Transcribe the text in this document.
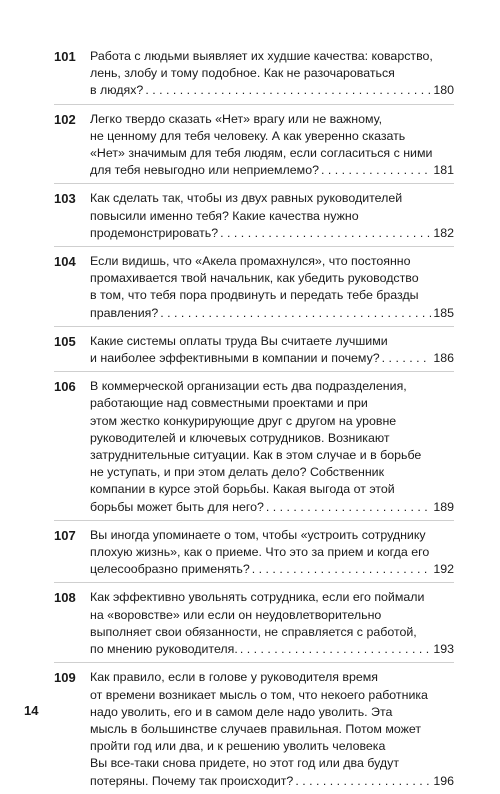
101	Работа с людьми выявляет их худшие качества: коварство,
лень, злобу и тому подобное. Как не разочароваться
в людях? . . .	180
102	Легко твердо сказать «Нет» врагу или не важному,
не ценному для тебя человеку. А как уверенно сказать
«Нет» значимым для тебя людям, если согласиться с ними
для тебя невыгодно или неприемлемо? . . .	181
103	Как сделать так, чтобы из двух равных руководителей
повысили именно тебя? Какие качества нужно
продемонстрировать? . . .	182
104	Если видишь, что «Акела промахнулся», что постоянно
промахивается твой начальник, как убедить руководство
в том, что тебя пора продвинуть и передать тебе бразды
правления? . . .	185
105	Какие системы оплаты труда Вы считаете лучшими
и наиболее эффективными в компании и почему? . . .	186
106	В коммерческой организации есть два подразделения,
работающие над совместными проектами и при
этом жестко конкурирующие друг с другом на уровне
руководителей и ключевых сотрудников. Возникают
затруднительные ситуации. Как в этом случае и в борьбе
не уступать, и при этом делать дело? Собственник
компании в курсе этой борьбы. Какая выгода от этой
борьбы может быть для него? . . .	189
107	Вы иногда упоминаете о том, чтобы «устроить сотруднику
плохую жизнь», как о приеме. Что это за прием и когда его
целесообразно применять? . . .	192
108	Как эффективно увольнять сотрудника, если его поймали
на «воровстве» или если он неудовлетворительно
выполняет свои обязанности, не справляется с работой,
по мнению руководителя. . . .	193
109	Как правило, если в голове у руководителя время
от времени возникает мысль о том, что некоего работника
надо уволить, его и в самом деле надо уволить. Эта
мысль в большинстве случаев правильная. Потом может
пройти год или два, и к решению уволить человека
Вы все-таки снова придете, но этот год или два будут
потеряны. Почему так происходит? . . .	196
14
